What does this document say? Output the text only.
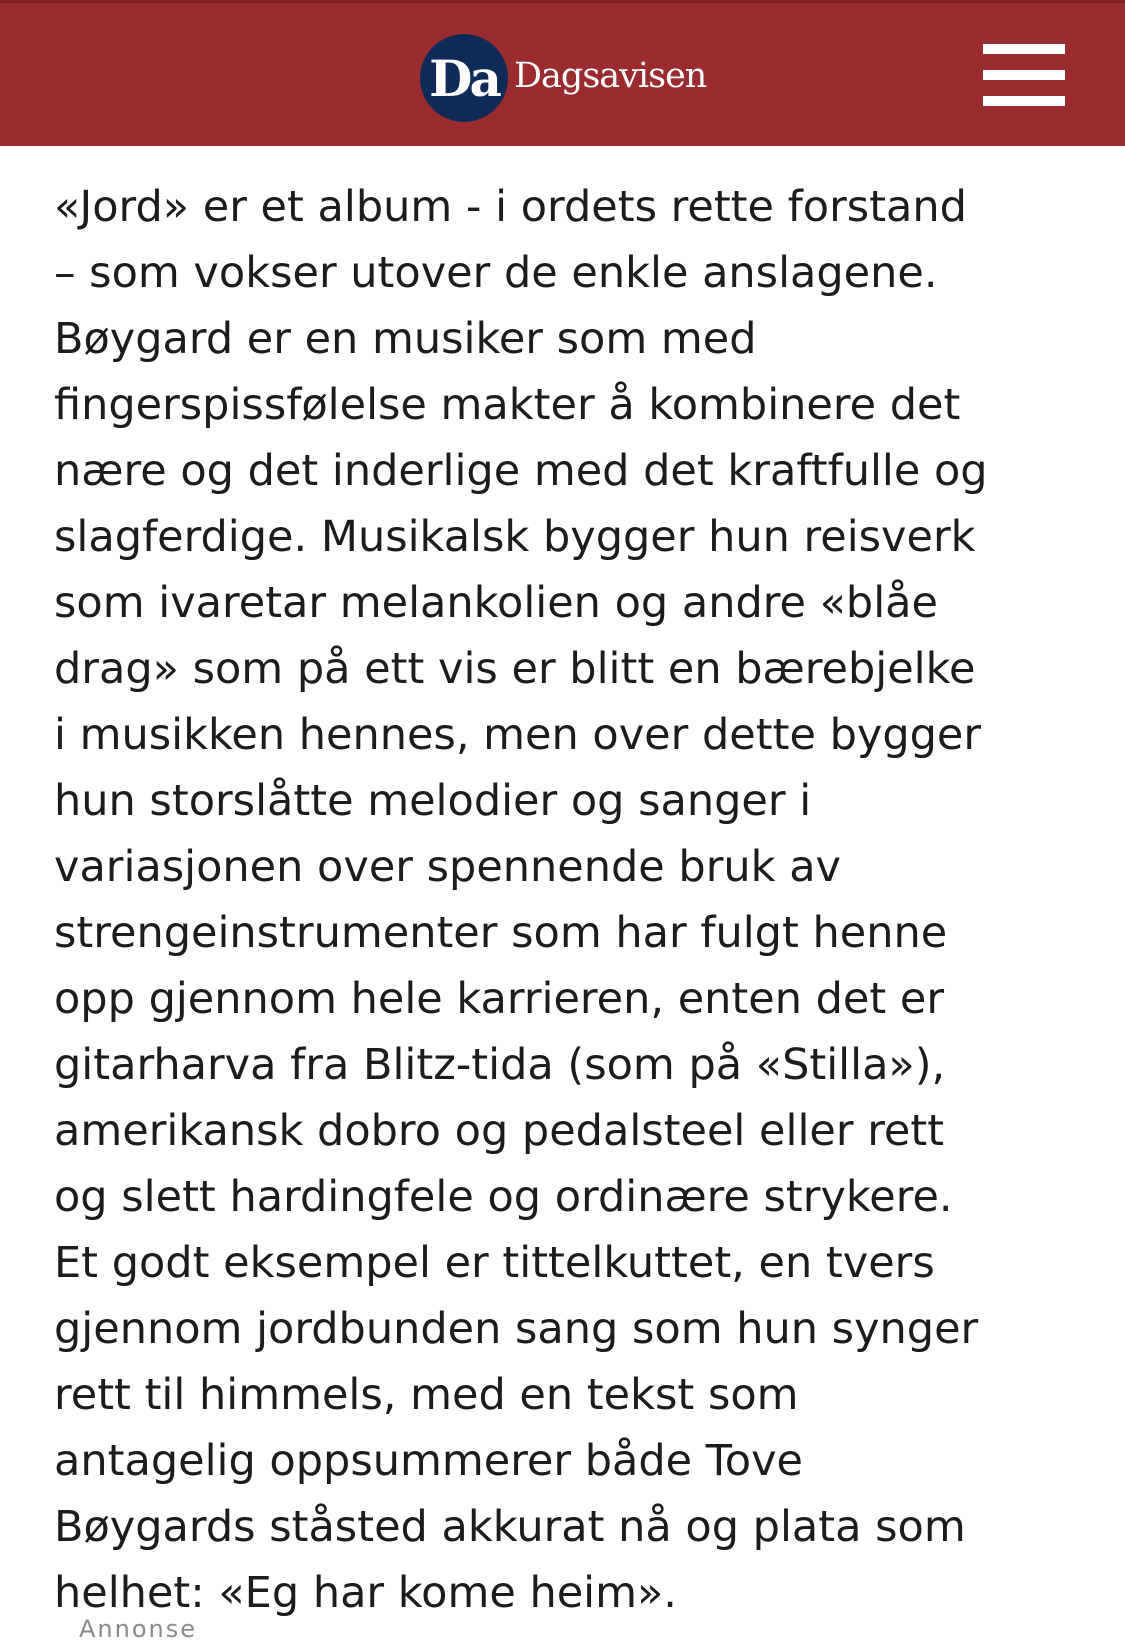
Da Dagsavisen

«Jord» er et album - i ordets rette forstand
– som vokser utover de enkle anslagene.
Bøygard er en musiker som med
fingerspissfølelse makter å kombinere det
nære og det inderlige med det kraftfulle og
slagferdige. Musikalsk bygger hun reisverk
som ivaretar melankolien og andre «blåe
drag» som på ett vis er blitt en bærebjelke
i musikken hennes, men over dette bygger
hun storslåtte melodier og sanger i
variasjonen over spennende bruk av
strengeinstrumenter som har fulgt henne
opp gjennom hele karrieren, enten det er
gitarharva fra Blitz-tida (som på «Stilla»),
amerikansk dobro og pedalsteel eller rett
og slett hardingfele og ordinære strykere.
Et godt eksempel er tittelkuttet, en tvers
gjennom jordbunden sang som hun synger
rett til himmels, med en tekst som
antagelig oppsummerer både Tove
Bøygards ståsted akkurat nå og plata som
helhet: «Eg har kome heim».

Annonse
